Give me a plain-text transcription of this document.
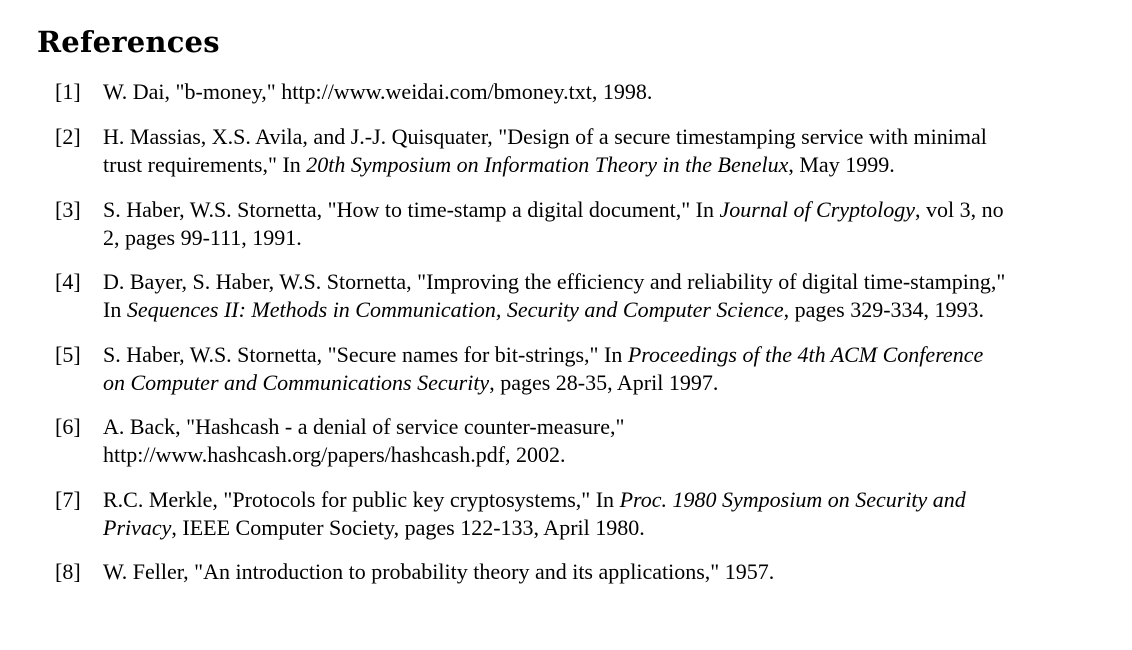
References
[1]	W. Dai, "b-money," http://www.weidai.com/bmoney.txt, 1998.
[2]	H. Massias, X.S. Avila, and J.-J. Quisquater, "Design of a secure timestamping service with minimal
trust requirements," In 20th Symposium on Information Theory in the Benelux, May 1999.
[3]	S. Haber, W.S. Stornetta, "How to time-stamp a digital document," In Journal of Cryptology, vol 3, no
2, pages 99-111, 1991.
[4]	D. Bayer, S. Haber, W.S. Stornetta, "Improving the efficiency and reliability of digital time-stamping,"
In Sequences II: Methods in Communication, Security and Computer Science, pages 329-334, 1993.
[5]	S. Haber, W.S. Stornetta, "Secure names for bit-strings," In Proceedings of the 4th ACM Conference
on Computer and Communications Security, pages 28-35, April 1997.
[6]	A. Back, "Hashcash - a denial of service counter-measure,"
http://www.hashcash.org/papers/hashcash.pdf, 2002.
[7]	R.C. Merkle, "Protocols for public key cryptosystems," In Proc. 1980 Symposium on Security and
Privacy, IEEE Computer Society, pages 122-133, April 1980.
[8]	W. Feller, "An introduction to probability theory and its applications," 1957.
